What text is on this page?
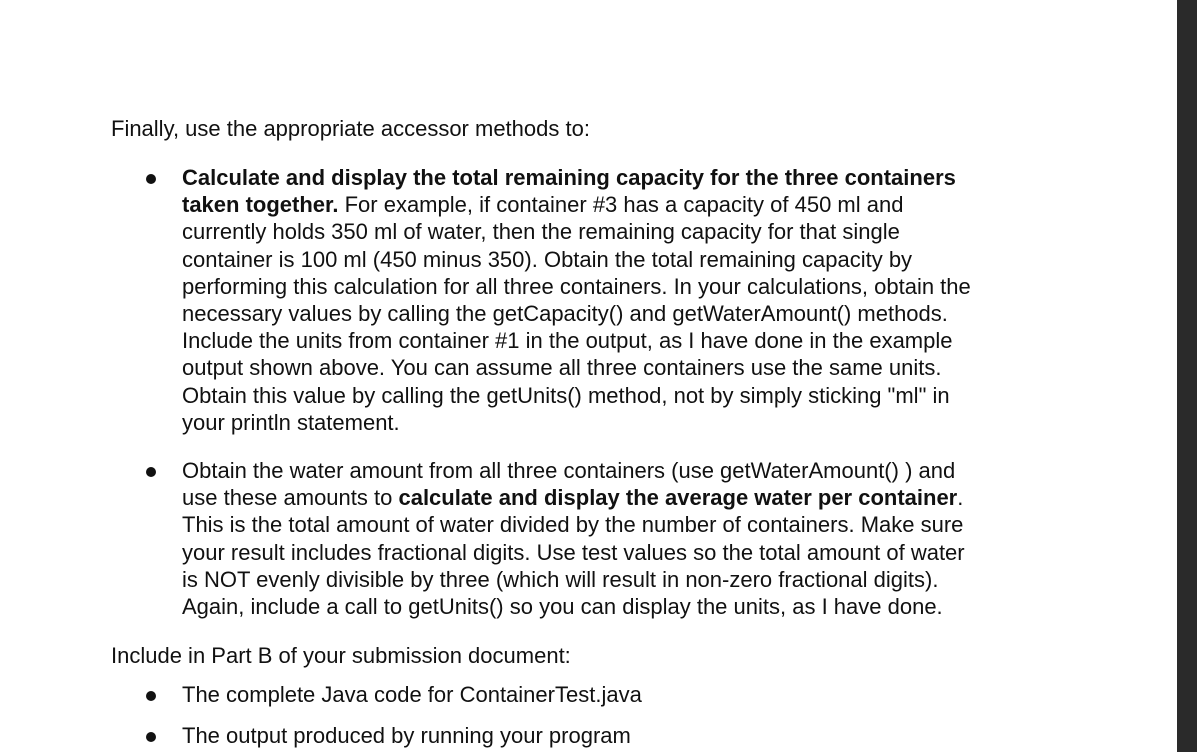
Finally, use the appropriate accessor methods to:

Calculate and display the total remaining capacity for the three containers
taken together. For example, if container #3 has a capacity of 450 ml and
currently holds 350 ml of water, then the remaining capacity for that single
container is 100 ml (450 minus 350). Obtain the total remaining capacity by
performing this calculation for all three containers. In your calculations, obtain the
necessary values by calling the getCapacity() and getWaterAmount() methods.
Include the units from container #1 in the output, as I have done in the example
output shown above. You can assume all three containers use the same units.
Obtain this value by calling the getUnits() method, not by simply sticking "ml" in
your println statement.
Obtain the water amount from all three containers (use getWaterAmount() ) and
use these amounts to calculate and display the average water per container.
This is the total amount of water divided by the number of containers. Make sure
your result includes fractional digits. Use test values so the total amount of water
is NOT evenly divisible by three (which will result in non-zero fractional digits).
Again, include a call to getUnits() so you can display the units, as I have done.

Include in Part B of your submission document:

The complete Java code for ContainerTest.java
The output produced by running your program
